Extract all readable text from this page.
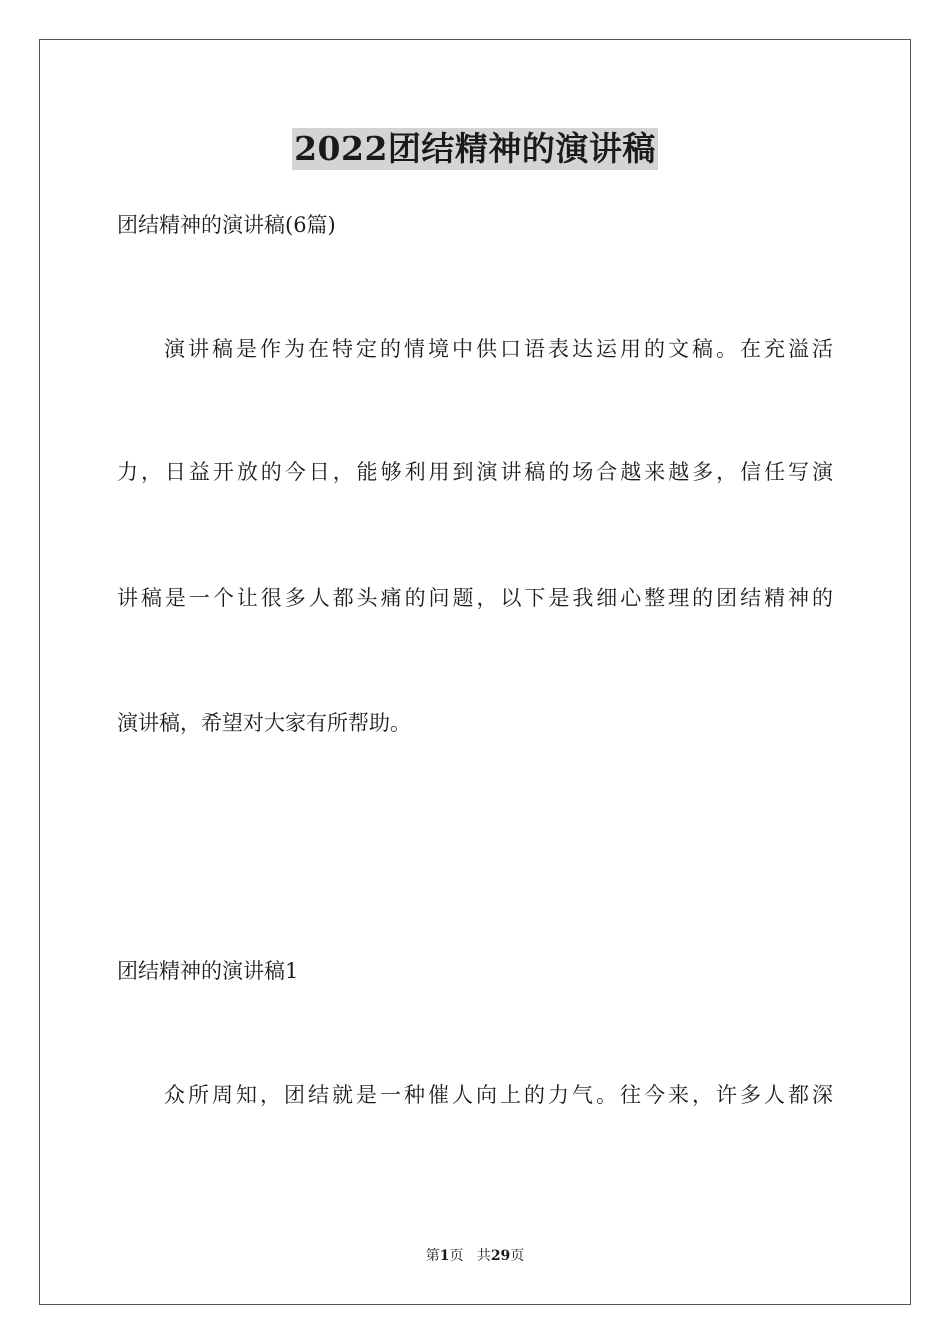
2022团结精神的演讲稿
团结精神的演讲稿(6篇)
演讲稿是作为在特定的情境中供口语表达运用的文稿。在充溢活
力，日益开放的今日，能够利用到演讲稿的场合越来越多，信任写演
讲稿是一个让很多人都头痛的问题，以下是我细心整理的团结精神的
演讲稿，希望对大家有所帮助。
团结精神的演讲稿1
众所周知，团结就是一种催人向上的力气。往今来，许多人都深
第1页 共29页
